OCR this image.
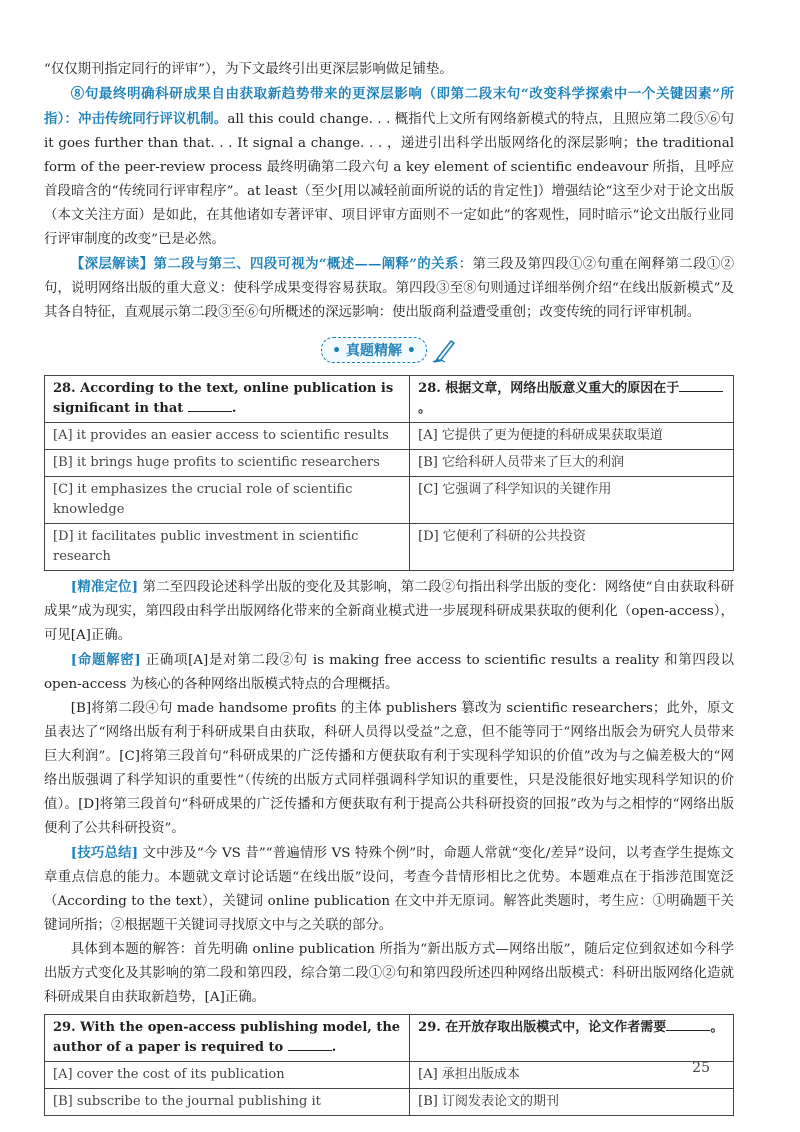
“仅仅期刊指定同行的评审”），为下文最终引出更深层影响做足铺垫。

⑧句最终明确科研成果自由获取新趋势带来的更深层影响（即第二段末句“改变科学探索中一个关键因素”所指）：冲击传统同行评议机制。all this could change. . . 概指代上文所有网络新模式的特点，且照应第二段⑤⑥句 it goes further than that. . . It signal a change. . . ，递进引出科学出版网络化的深层影响；the traditional form of the peer-review process 最终明确第二段六句 a key element of scientific endeavour 所指，且呼应首段暗含的“传统同行评审程序”。at least（至少[用以减轻前面所说的话的肯定性]）增强结论“这至少对于论文出版（本文关注方面）是如此，在其他诸如专著评审、项目评审方面则不一定如此”的客观性，同时暗示“论文出版行业同行评审制度的改变”已是必然。

【深层解读】第二段与第三、四段可视为“概述——阐释”的关系：第三段及第四段①②句重在阐释第二段①②句，说明网络出版的重大意义：使科学成果变得容易获取。第四段③至⑧句则通过详细举例介绍“在线出版新模式”及其各自特征，直观展示第二段③至⑥句所概述的深远影响：使出版商利益遭受重创；改变传统的同行评审机制。

• 真题精解 •
28. According to the text, online publication is significant in that .	28. 根据文章，网络出版意义重大的原因在于。
[A] it provides an easier access to scientific results	[A] 它提供了更为便捷的科研成果获取渠道
[B] it brings huge profits to scientific researchers	[B] 它给科研人员带来了巨大的利润
[C] it emphasizes the crucial role of scientific knowledge	[C] 它强调了科学知识的关键作用
[D] it facilitates public investment in scientific research	[D] 它便利了科研的公共投资

[精准定位] 第二至四段论述科学出版的变化及其影响，第二段②句指出科学出版的变化：网络使“自由获取科研成果”成为现实，第四段由科学出版网络化带来的全新商业模式进一步展现科研成果获取的便利化（open-access），可见[A]正确。

[命题解密] 正确项[A]是对第二段②句 is making free access to scientific results a reality 和第四段以 open-access 为核心的各种网络出版模式特点的合理概括。

[B]将第二段④句 made handsome profits 的主体 publishers 篡改为 scientific researchers；此外，原文虽表达了“网络出版有利于科研成果自由获取，科研人员得以受益”之意，但不能等同于“网络出版会为研究人员带来巨大利润”。[C]将第三段首句“科研成果的广泛传播和方便获取有利于实现科学知识的价值”改为与之偏差极大的“网络出版强调了科学知识的重要性”（传统的出版方式同样强调科学知识的重要性，只是没能很好地实现科学知识的价值）。[D]将第三段首句“科研成果的广泛传播和方便获取有利于提高公共科研投资的回报”改为与之相悖的“网络出版便利了公共科研投资”。

[技巧总结] 文中涉及“今 VS 昔”“普遍情形 VS 特殊个例”时，命题人常就“变化/差异”设问，以考查学生提炼文章重点信息的能力。本题就文章讨论话题“在线出版”设问，考查今昔情形相比之优势。本题难点在于指涉范围宽泛（According to the text），关键词 online publication 在文中并无原词。解答此类题时，考生应：①明确题干关键词所指；②根据题干关键词寻找原文中与之关联的部分。

具体到本题的解答：首先明确 online publication 所指为“新出版方式—网络出版”，随后定位到叙述如今科学出版方式变化及其影响的第二段和第四段，综合第二段①②句和第四段所述四种网络出版模式：科研出版网络化造就科研成果自由获取新趋势，[A]正确。

29. With the open-access publishing model, the author of a paper is required to .	29. 在开放存取出版模式中，论文作者需要 。
[A] cover the cost of its publication	[A] 承担出版成本
[B] subscribe to the journal publishing it	[B] 订阅发表论文的期刊
25
